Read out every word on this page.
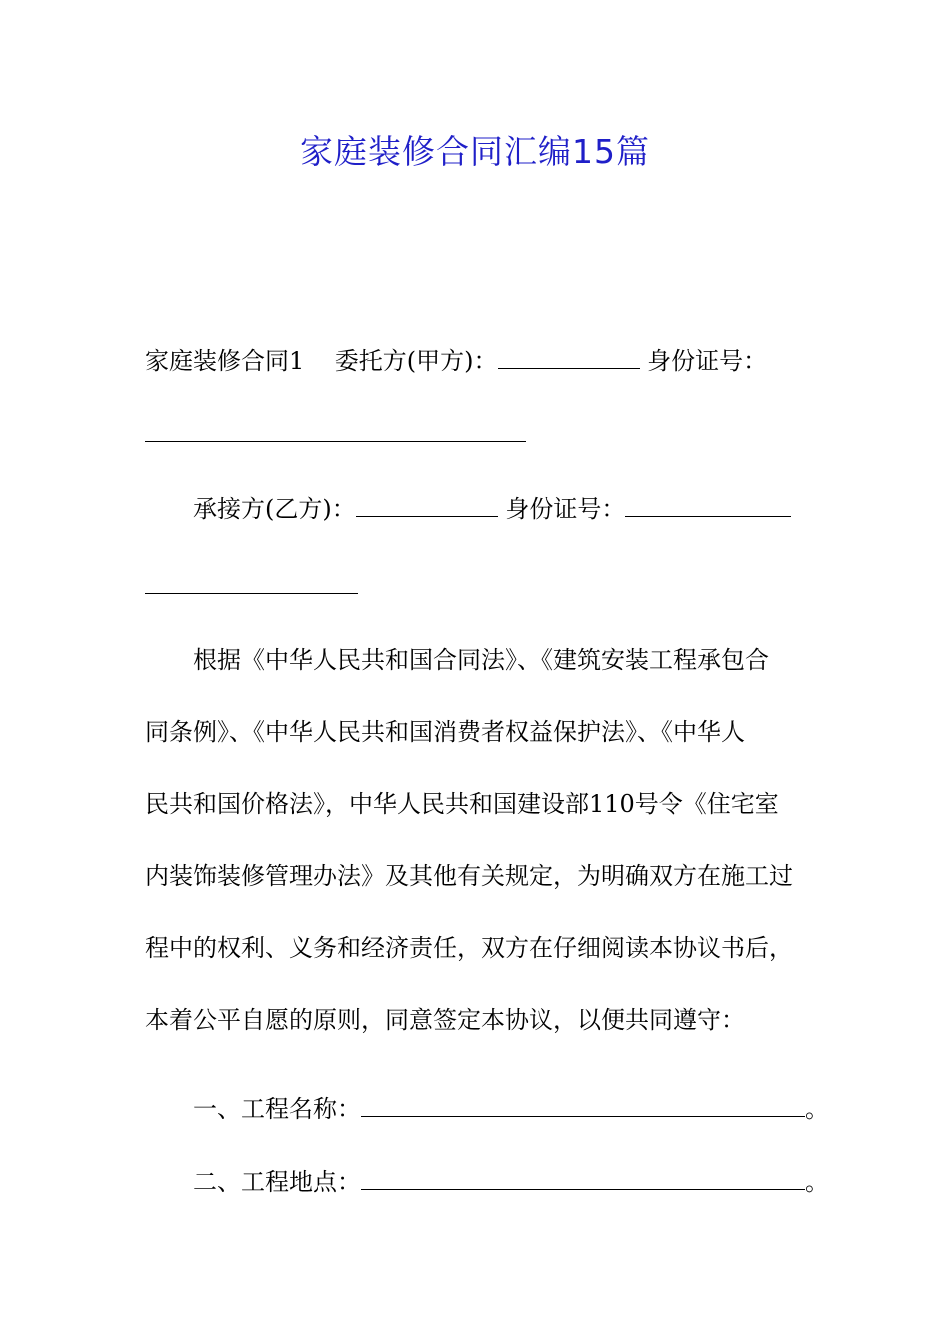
家庭装修合同汇编15篇
家庭装修合同1 委托方(甲方)：	身份证号：
承接方(乙方)：	身份证号：
根据《中华人民共和国合同法》、《建筑安装工程承包合
同条例》、《中华人民共和国消费者权益保护法》、《中华人
民共和国价格法》，中华人民共和国建设部110号令《住宅室
内装饰装修管理办法》及其他有关规定，为明确双方在施工过
程中的权利、义务和经济责任，双方在仔细阅读本协议书后，
本着公平自愿的原则，同意签定本协议，以便共同遵守：
一、工程名称：	。
二、工程地点：	。
